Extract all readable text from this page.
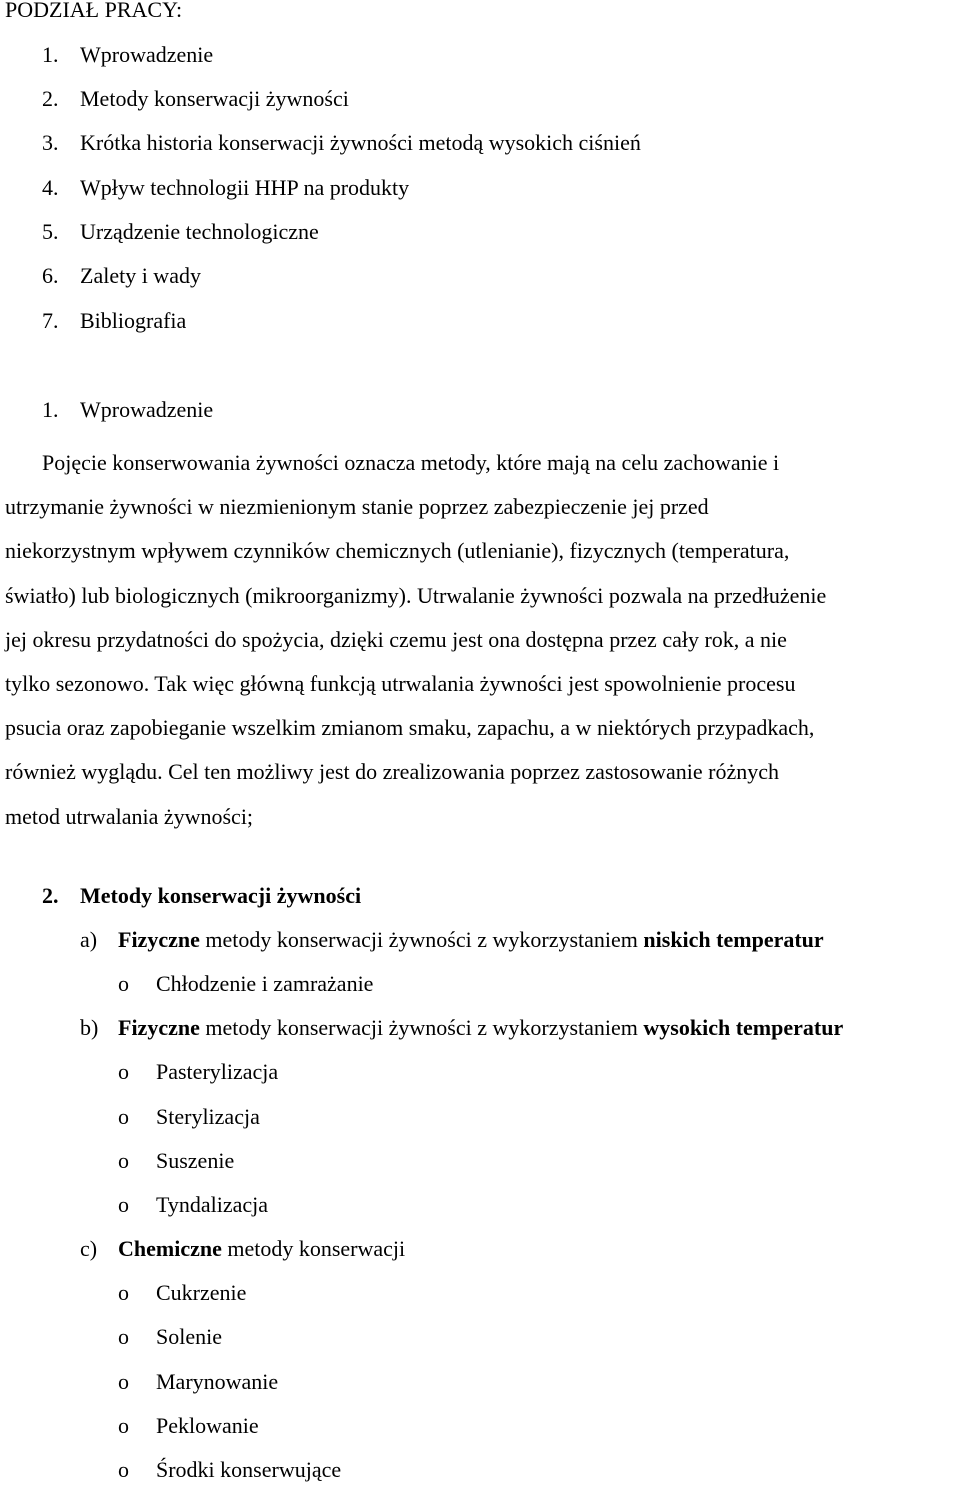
PODZIAŁ PRACY:
1. Wprowadzenie
2. Metody konserwacji żywności
3. Krótka historia konserwacji żywności metodą wysokich ciśnień
4. Wpływ technologii HHP na produkty
5. Urządzenie technologiczne
6. Zalety i wady
7. Bibliografia
1. Wprowadzenie
Pojęcie konserwowania żywności oznacza metody, które mają na celu zachowanie i
utrzymanie żywności w niezmienionym stanie poprzez zabezpieczenie jej przed
niekorzystnym wpływem czynników chemicznych (utlenianie), fizycznych (temperatura,
światło) lub biologicznych (mikroorganizmy). Utrwalanie żywności pozwala na przedłużenie
jej okresu przydatności do spożycia, dzięki czemu jest ona dostępna przez cały rok, a nie
tylko sezonowo. Tak więc główną funkcją utrwalania żywności jest spowolnienie procesu
psucia oraz zapobieganie wszelkim zmianom smaku, zapachu, a w niektórych przypadkach,
również wyglądu. Cel ten możliwy jest do zrealizowania poprzez zastosowanie różnych
metod utrwalania żywności;
2. Metody konserwacji żywności
a) Fizyczne metody konserwacji żywności z wykorzystaniem niskich temperatur
o Chłodzenie i zamrażanie
b) Fizyczne metody konserwacji żywności z wykorzystaniem wysokich temperatur
o Pasterylizacja
o Sterylizacja
o Suszenie
o Tyndalizacja
c) Chemiczne metody konserwacji
o Cukrzenie
o Solenie
o Marynowanie
o Peklowanie
o Środki konserwujące
